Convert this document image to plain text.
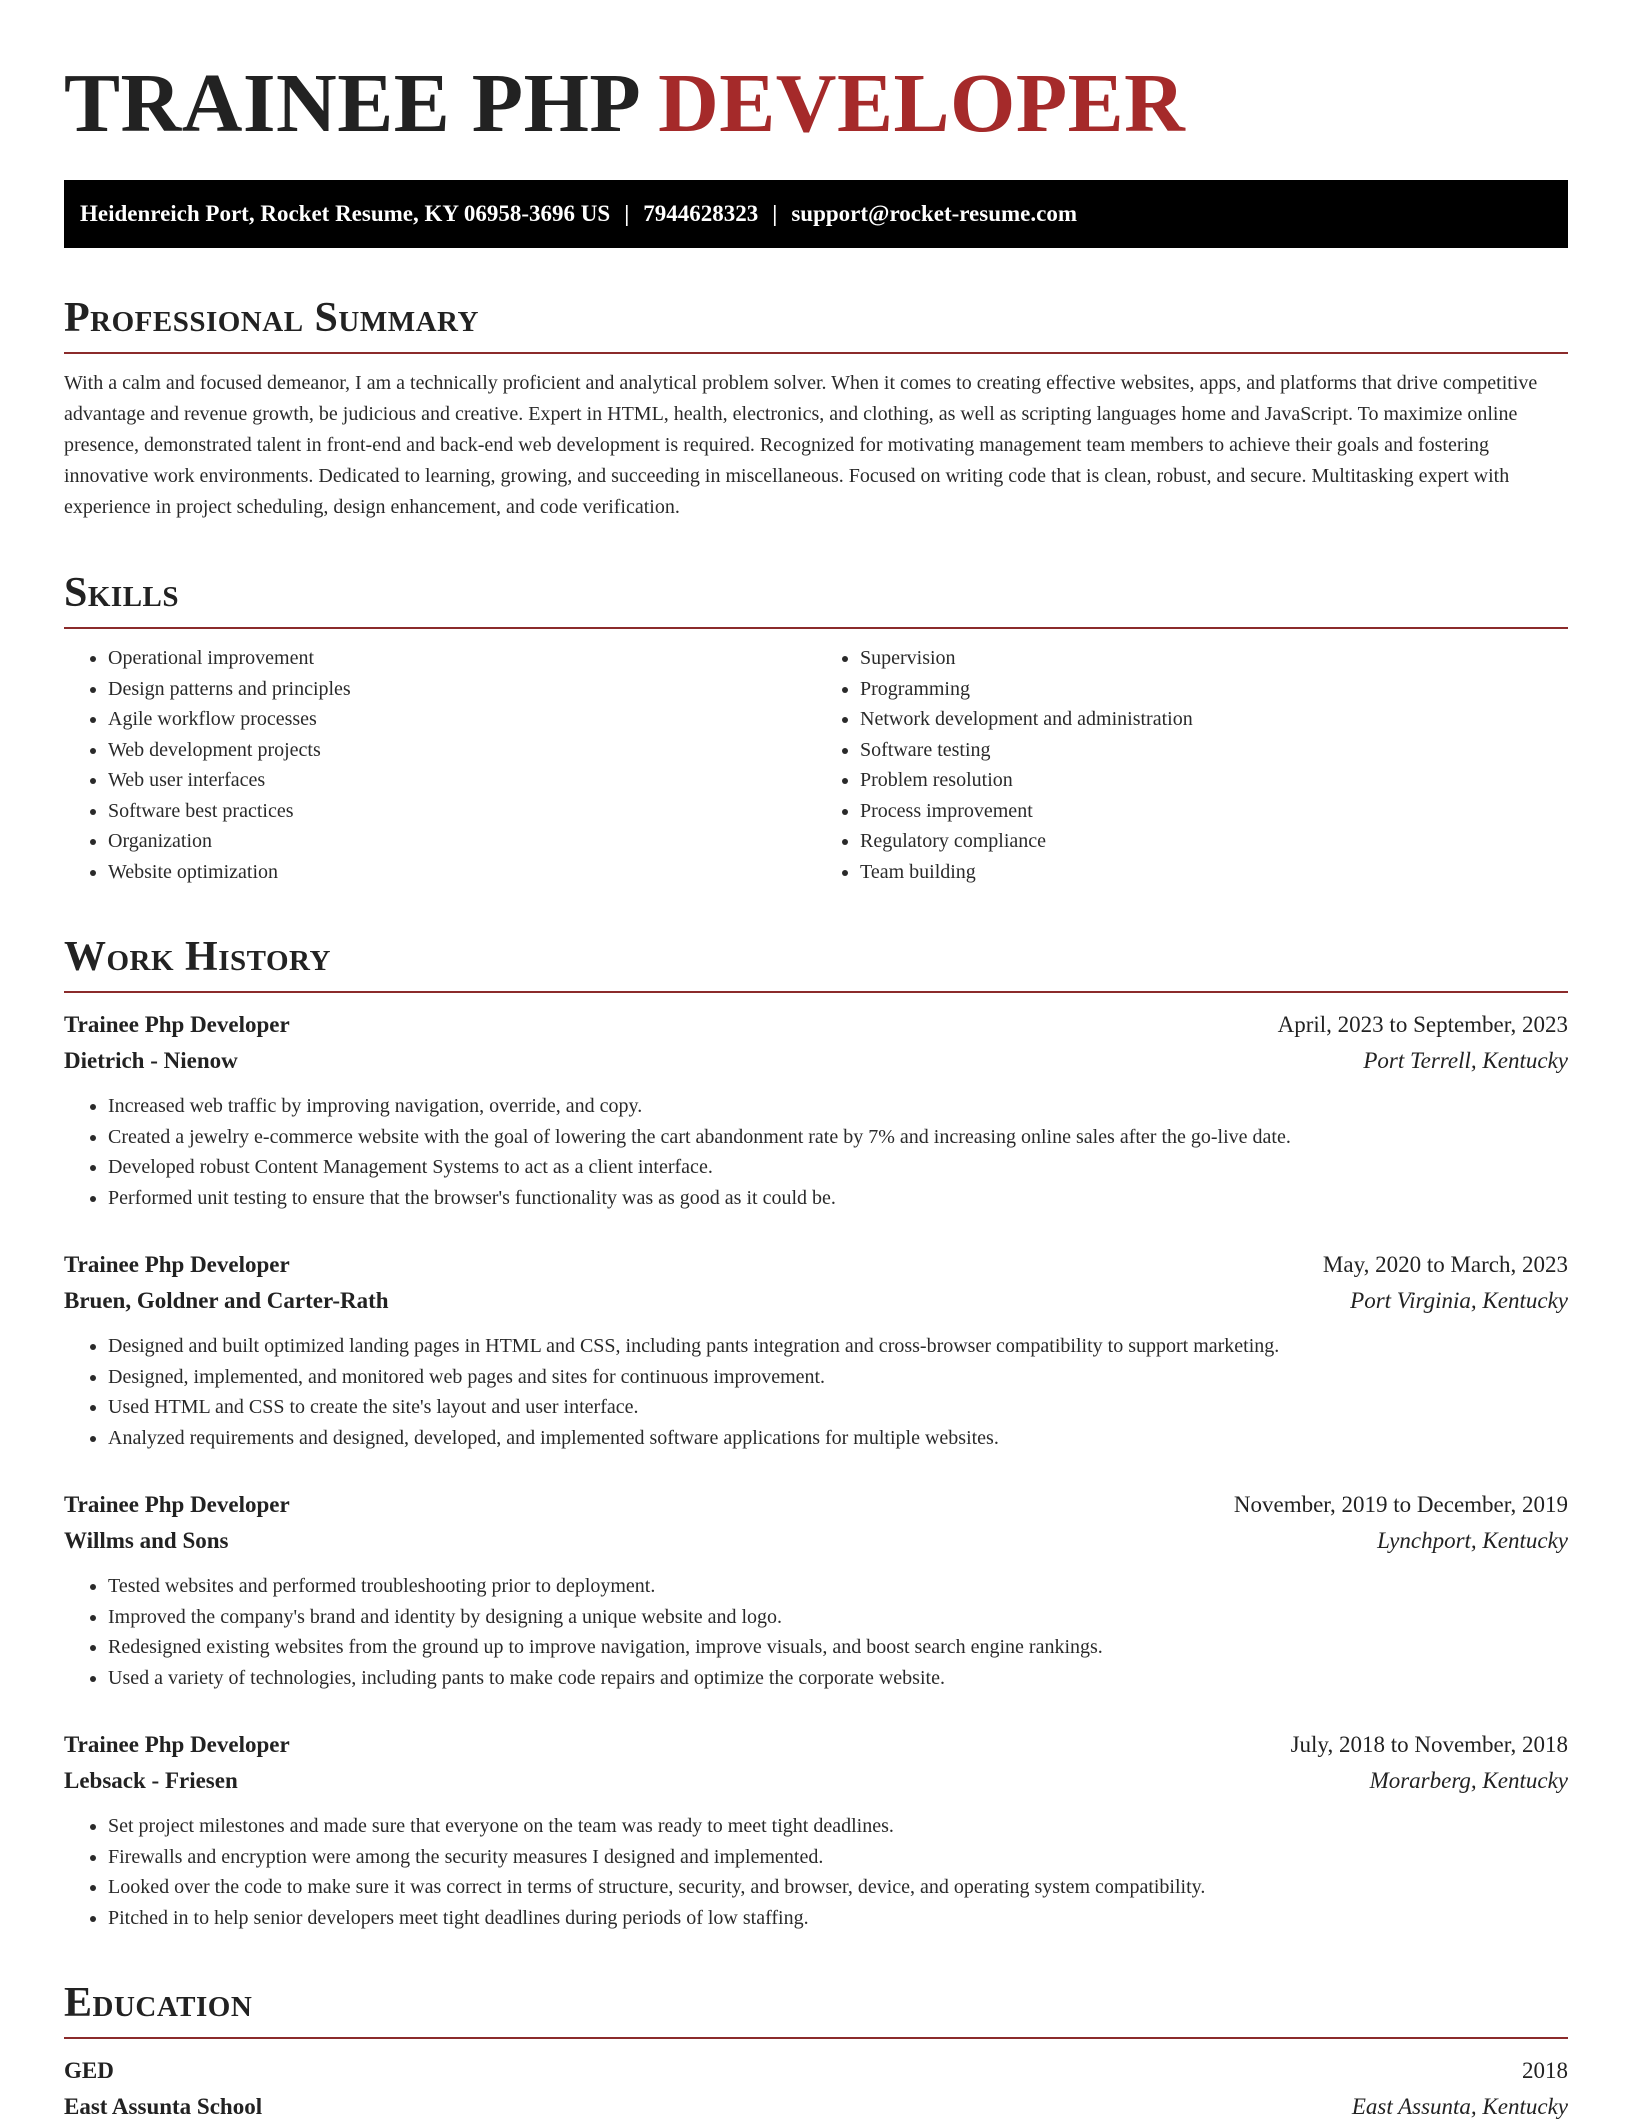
TRAINEE PHP DEVELOPER
Heidenreich Port, Rocket Resume, KY 06958-3696 US | 7944628323 | support@rocket-resume.com
Professional Summary

With a calm and focused demeanor, I am a technically proficient and analytical problem solver. When it comes to creating effective websites, apps, and platforms that drive competitive advantage and revenue growth, be judicious and creative. Expert in HTML, health, electronics, and clothing, as well as scripting languages home and JavaScript. To maximize online presence, demonstrated talent in front-end and back-end web development is required. Recognized for motivating management team members to achieve their goals and fostering innovative work environments. Dedicated to learning, growing, and succeeding in miscellaneous. Focused on writing code that is clean, robust, and secure. Multitasking expert with experience in project scheduling, design enhancement, and code verification.

Skills
• Operational improvement
• Design patterns and principles
• Agile workflow processes
• Web development projects
• Web user interfaces
• Software best practices
• Organization
• Website optimization
• Supervision
• Programming
• Network development and administration
• Software testing
• Problem resolution
• Process improvement
• Regulatory compliance
• Team building
Work History
Trainee Php Developer	April, 2023 to September, 2023
Dietrich - Nienow	Port Terrell, Kentucky
• Increased web traffic by improving navigation, override, and copy.
• Created a jewelry e-commerce website with the goal of lowering the cart abandonment rate by 7% and increasing online sales after the go-live date.
• Developed robust Content Management Systems to act as a client interface.
• Performed unit testing to ensure that the browser's functionality was as good as it could be.
Trainee Php Developer	May, 2020 to March, 2023
Bruen, Goldner and Carter-Rath	Port Virginia, Kentucky
• Designed and built optimized landing pages in HTML and CSS, including pants integration and cross-browser compatibility to support marketing.
• Designed, implemented, and monitored web pages and sites for continuous improvement.
• Used HTML and CSS to create the site's layout and user interface.
• Analyzed requirements and designed, developed, and implemented software applications for multiple websites.
Trainee Php Developer	November, 2019 to December, 2019
Willms and Sons	Lynchport, Kentucky
• Tested websites and performed troubleshooting prior to deployment.
• Improved the company's brand and identity by designing a unique website and logo.
• Redesigned existing websites from the ground up to improve navigation, improve visuals, and boost search engine rankings.
• Used a variety of technologies, including pants to make code repairs and optimize the corporate website.
Trainee Php Developer	July, 2018 to November, 2018
Lebsack - Friesen	Morarberg, Kentucky
• Set project milestones and made sure that everyone on the team was ready to meet tight deadlines.
• Firewalls and encryption were among the security measures I designed and implemented.
• Looked over the code to make sure it was correct in terms of structure, security, and browser, device, and operating system compatibility.
• Pitched in to help senior developers meet tight deadlines during periods of low staffing.
Education
GED	2018
East Assunta School	East Assunta, Kentucky
